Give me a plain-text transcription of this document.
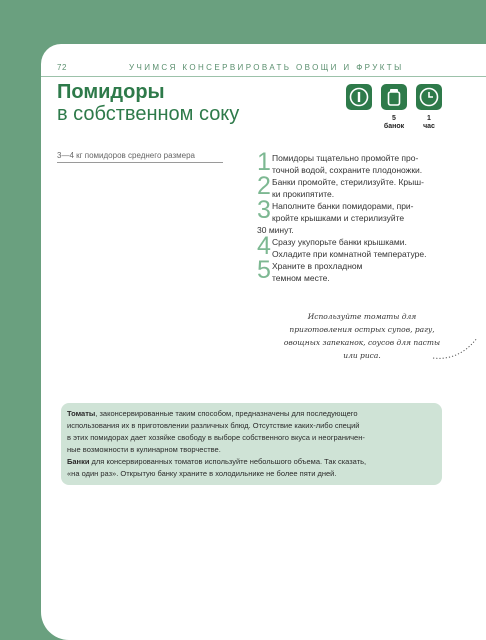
72	УЧИМСЯ КОНСЕРВИРОВАТЬ ОВОЩИ И ФРУКТЫ
Помидоры
в собственном соку	5
банок
1
час
3—4 кг помидоров среднего размера	1 Помидоры тщательно промойте про-
точной водой, сохраните плодоножки.
2 Банки промойте, стерилизуйте. Крыш-
ки прокипятите.
3 Наполните банки помидорами, при-
кройте крышками и стерилизуйте
30 минут.
4 Сразу укупорьте банки крышками.
Охладите при комнатной температуре.
5 Храните в прохладном
темном месте.
Используйте томаты для
приготовления острых супов, рагу,
овощных запеканок, соусов для пасты
или риса.
Томаты, законсервированные таким способом, предназначены для последующего
использования их в приготовлении различных блюд. Отсутствие каких-либо специй
в этих помидорах дает хозяйке свободу в выборе собственного вкуса и неограничен-
ные возможности в кулинарном творчестве.
Банки для консервированных томатов используйте небольшого объема. Так сказать,
«на один раз». Открытую банку храните в холодильнике не более пяти дней.
